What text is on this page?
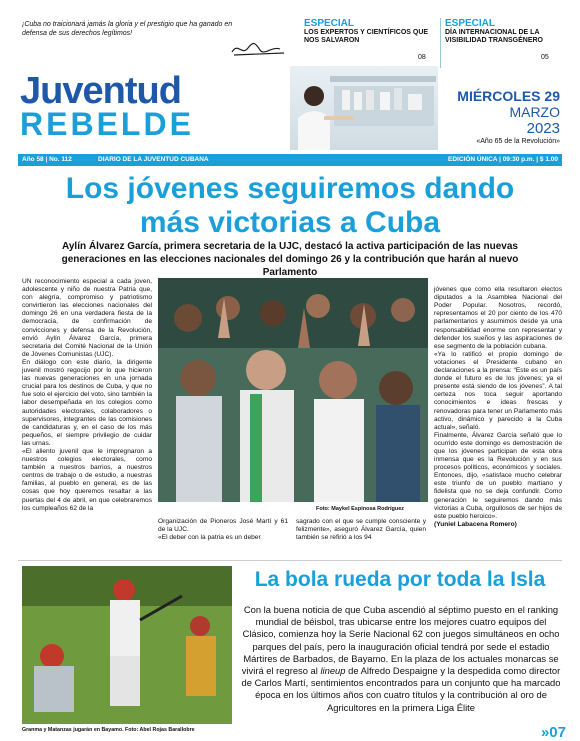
¡Cuba no traicionará jamás la gloria y el prestigio que ha ganado en defensa de sus derechos legítimos!
ESPECIAL
LOS EXPERTOS Y CIENTÍFICOS QUE NOS SALVARON
08
ESPECIAL
DÍA INTERNACIONAL DE LA VISIBILIDAD TRANSGÉNERO
05
Juventud
REBELDE
MIÉRCOLES 29
MARZO
2023
«Año 65 de la Revolución»
Año 58 | No. 112	DIARIO DE LA JUVENTUD CUBANA	EDICIÓN ÚNICA | 09:30 p.m. | $ 1.00
Los jóvenes seguiremos dando
más victorias a Cuba
Aylín Álvarez García, primera secretaria de la UJC, destacó la activa participación de las nuevas generaciones en las elecciones nacionales del domingo 26 y la contribución que harán al nuevo Parlamento
UN reconocimiento especial a cada joven, adolescente y niño de nuestra Patria que, con alegría, compromiso y patriotismo convirtieron las elecciones nacionales del domingo 26 en una verdadera fiesta de la democracia, de confirmación de convicciones y defensa de la Revolución, envió Aylín Álvarez García, primera secretaria del Comité Nacional de la Unión de Jóvenes Comunistas (UJC).
En diálogo con este diario, la dirigente juvenil mostró regocijo por lo que hicieron las nuevas generaciones en una jornada crucial para los destinos de Cuba, y que no fue solo el ejercicio del voto, sino también la labor desempeñada en los colegios como autoridades electorales, colaboradores o supervisores, integrantes de las comisiones de candidaturas y, en el caso de los más pequeños, el siempre privilegio de cuidar las urnas.
«El aliento juvenil que le impregnaron a nuestros colegios electorales, como también a nuestros barrios, a nuestros centros de trabajo o de estudio, a nuestras familias, al pueblo en general, es de las cosas que hoy queremos resaltar a las puertas del 4 de abril, en que celebraremos los cumpleaños 62 de la	Foto: Maykel Espinosa Rodríguez
Organización de Pioneros José Martí y 61 de la UJC.
«El deber con la patria es un deber
sagrado con el que se cumple consciente y felizmente», aseguró Álvarez García, quien también se refirió a los 94

jóvenes que como ella resultaron electos diputados a la Asamblea Nacional del Poder Popular. Nosotros, recordó, representamos el 20 por ciento de los 470 parlamentarios y asumimos desde ya una responsabilidad enorme con representar y defender los sueños y las aspiraciones de ese segmento de la población cubana.
«Ya lo ratificó el propio domingo de votaciones el Presidente cubano en declaraciones a la prensa: “Este es un país donde el futuro es de los jóvenes; ya el presente está siendo de los jóvenes”. A tal certeza nos toca seguir aportando conocimientos e ideas frescas y renovadoras para tener un Parlamento más activo, dinámico y parecido a la Cuba actual», señaló.
Finalmente, Álvarez García señaló que lo ocurrido este domingo es demostración de que los jóvenes participan de esta obra inmensa que es la Revolución y en sus procesos políticos, económicos y sociales. Entonces, dijo, «satisface mucho celebrar este triunfo de un pueblo martiano y fidelista que no se deja confundir. Como generación le seguiremos dando más victorias a Cuba, orgullosos de ser hijos de este pueblo heroico».
(Yuniel Labacena Romero)

Granma y Matanzas jugarán en Bayamo. Foto: Abel Rojas Barallobre
La bola rueda por toda la Isla
Con la buena noticia de que Cuba ascendió al séptimo puesto en el ranking mundial de béisbol, tras ubicarse entre los mejores cuatro equipos del Clásico, comienza hoy la Serie Nacional 62 con juegos simultáneos en ocho parques del país, pero la inauguración oficial tendrá por sede el estadio Mártires de Barbados, de Bayamo. En la plaza de los actuales monarcas se vivirá el regreso al lineup de Alfredo Despaigne y la despedida como director de Carlos Martí, sentimientos encontrados para un conjunto que ha marcado época en los últimos años con cuatro títulos y la contribución al oro de Agricultores en la primera Liga Élite
»07
